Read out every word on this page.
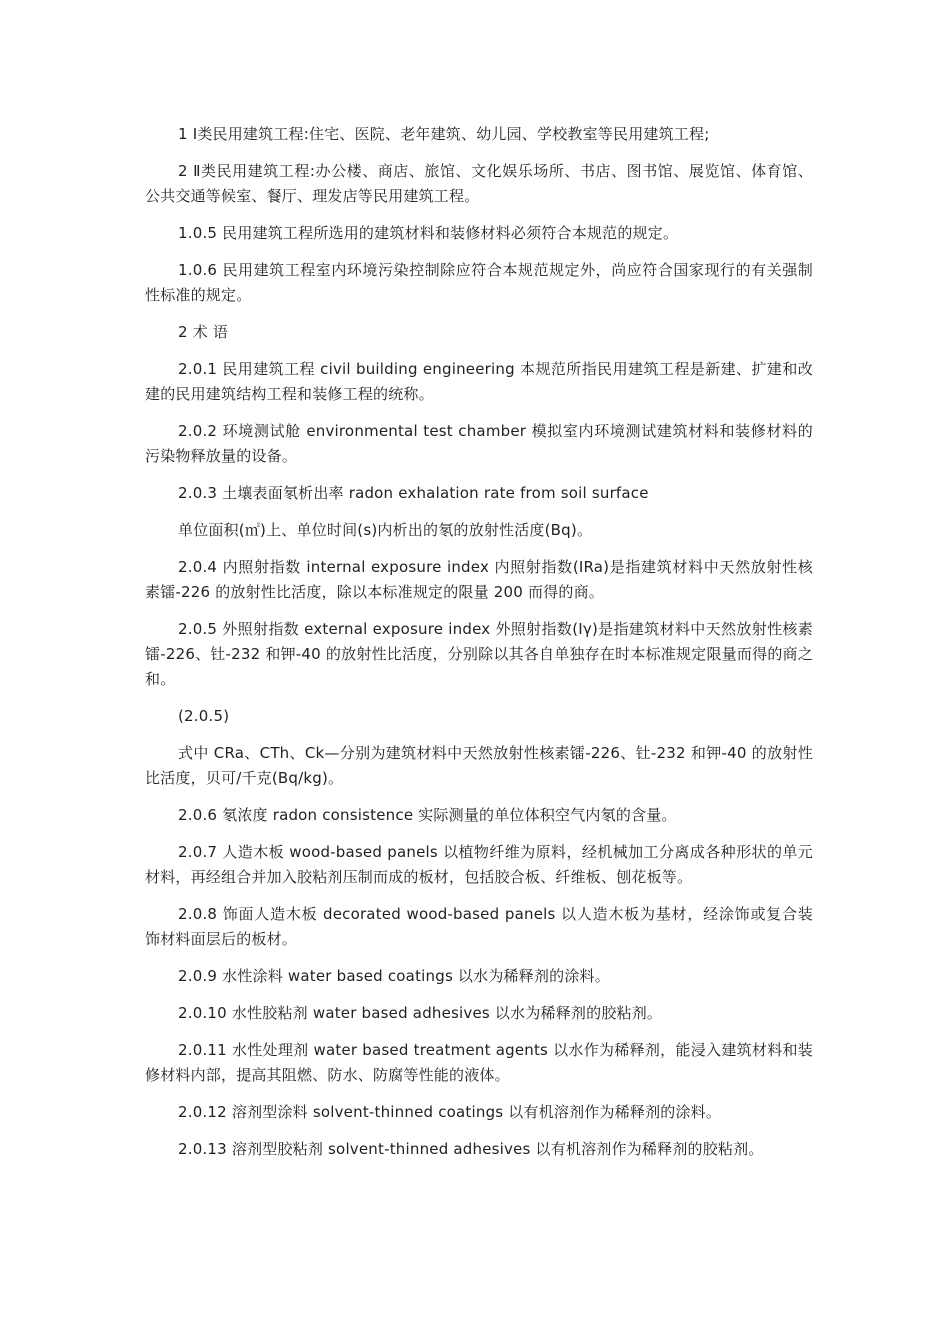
1 Ⅰ类民用建筑工程:住宅、医院、老年建筑、幼儿园、学校教室等民用建筑工程;

2 Ⅱ类民用建筑工程:办公楼、商店、旅馆、文化娱乐场所、书店、图书馆、展览馆、体育馆、公共交通等候室、餐厅、理发店等民用建筑工程。

1.0.5 民用建筑工程所选用的建筑材料和装修材料必须符合本规范的规定。

1.0.6 民用建筑工程室内环境污染控制除应符合本规范规定外，尚应符合国家现行的有关强制性标准的规定。

2 术 语

2.0.1 民用建筑工程 civil building engineering 本规范所指民用建筑工程是新建、扩建和改建的民用建筑结构工程和装修工程的统称。

2.0.2 环境测试舱 environmental test chamber 模拟室内环境测试建筑材料和装修材料的污染物释放量的设备。

2.0.3 土壤表面氡析出率 radon exhalation rate from soil surface

单位面积(㎡)上、单位时间(s)内析出的氡的放射性活度(Bq)。

2.0.4 内照射指数 internal exposure index 内照射指数(IRa)是指建筑材料中天然放射性核素镭-226 的放射性比活度，除以本标准规定的限量 200 而得的商。

2.0.5 外照射指数 external exposure index 外照射指数(Iγ)是指建筑材料中天然放射性核素镭-226、钍-232 和钾-40 的放射性比活度，分别除以其各自单独存在时本标准规定限量而得的商之和。

(2.0.5)

式中 CRa、CTh、Ck—分别为建筑材料中天然放射性核素镭-226、钍-232 和钾-40 的放射性比活度，贝可/千克(Bq/kg)。

2.0.6 氡浓度 radon consistence 实际测量的单位体积空气内氡的含量。

2.0.7 人造木板 wood-based panels 以植物纤维为原料，经机械加工分离成各种形状的单元材料，再经组合并加入胶粘剂压制而成的板材，包括胶合板、纤维板、刨花板等。

2.0.8 饰面人造木板 decorated wood-based panels 以人造木板为基材，经涂饰或复合装饰材料面层后的板材。

2.0.9 水性涂料 water based coatings 以水为稀释剂的涂料。

2.0.10 水性胶粘剂 water based adhesives 以水为稀释剂的胶粘剂。

2.0.11 水性处理剂 water based treatment agents 以水作为稀释剂，能浸入建筑材料和装修材料内部，提高其阻燃、防水、防腐等性能的液体。

2.0.12 溶剂型涂料 solvent-thinned coatings 以有机溶剂作为稀释剂的涂料。

2.0.13 溶剂型胶粘剂 solvent-thinned adhesives 以有机溶剂作为稀释剂的胶粘剂。
